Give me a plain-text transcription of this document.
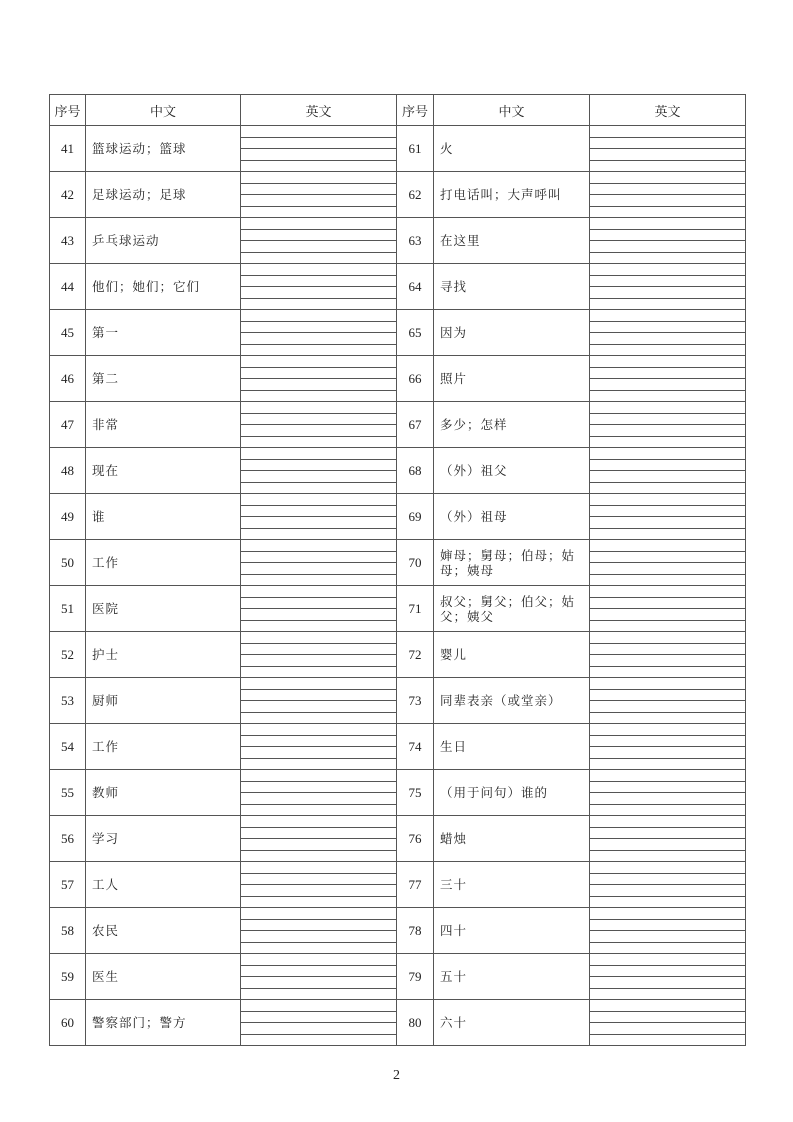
序号	中文	英文	序号	中文	英文
41	篮球运动；篮球		61	火	

42	足球运动；足球		62	打电话叫；大声呼叫	

43	乒乓球运动		63	在这里	

44	他们；她们；它们		64	寻找	

45	第一		65	因为	

46	第二		66	照片	

47	非常		67	多少；怎样	

48	现在		68	（外）祖父	

49	谁		69	（外）祖母	

50	工作		70	婶母；舅母；伯母；姑母；姨母	

51	医院		71	叔父；舅父；伯父；姑父；姨父	

52	护士		72	婴儿	

53	厨师		73	同辈表亲（或堂亲）	

54	工作		74	生日	

55	教师		75	（用于问句）谁的	

56	学习		76	蜡烛	

57	工人		77	三十	

58	农民		78	四十	

59	医生		79	五十	

60	警察部门；警方		80	六十	
2
